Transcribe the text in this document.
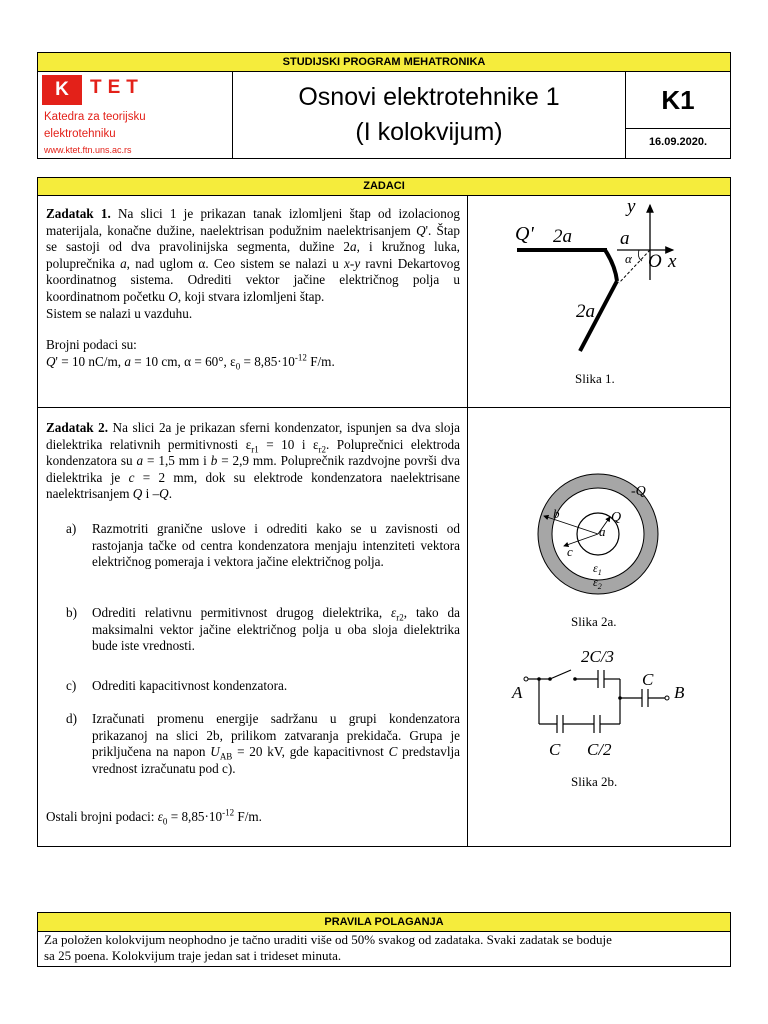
STUDIJSKI PROGRAM MEHATRONIKA
K	TET
Katedra za teorijsku
elektrotehniku
www.ktet.ftn.uns.ac.rs
Osnovi elektrotehnike 1
(I kolokvijum)
K1
16.09.2020.
ZADACI

Zadatak 1. Na slici 1 je prikazan tanak izlomljeni štap od izolacionog materijala, konačne dužine, naelektrisan podužnim naelektrisanjem Q'. Štap se sastoji od dva pravolinijska segmenta, dužine 2a, i kružnog luka, poluprečnika a, nad uglom α. Ceo sistem se nalazi u x-y ravni Dekartovog koordinatnog sistema. Odrediti vektor jačine električnog polja u koordinatnom početku O, koji stvara izlomljeni štap.

Sistem se nalazi u vazduhu.

Brojni podaci su:

Q' = 10 nC/m, a = 10 cm, α = 60°, $\varepsilon_0 = 8,85\cdot 10^{-12}$ F/m.

Q' 2a	a
α O x
y
2a
Slika 1.

Zadatak 2. Na slici 2a je prikazan sferni kondenzator, ispunjen sa dva sloja dielektrika relativnih permitivnosti $\varepsilon_{r1} = 10$ i $\varepsilon_{r2}$. Poluprečnici elektroda kondenzatora su a = 1,5 mm i b = 2,9 mm. Poluprečnik razdvojne površi dva dielektrika je c = 2 mm, dok su elektrode kondenzatora naelektrisane naelektrisanjem Q i –Q.

a) Razmotriti granične uslove i odrediti kako se u zavisnosti od rastojanja tačke od centra kondenzatora menjaju intenziteti vektora električnog pomeraja i vektora jačine električnog polja.
b) Odrediti relativnu permitivnost drugog dielektrika, $\varepsilon_{r2}$, tako da maksimalni vektor jačine električnog polja u oba sloja dielektrika bude iste vrednosti.
c) Odrediti kapacitivnost kondenzatora.
d) Izračunati promenu energije sadržanu u grupi kondenzatora prikazanoj na slici 2b, prilikom zatvaranja prekidača. Grupa je priključena na napon $U_{AB} = 20$ kV, gde kapacitivnost C predstavlja vrednost izračunatu pod c).

Ostali brojni podaci: $\varepsilon_0 = 8,85\cdot 10^{-12}$ F/m.

-Q
b	Q
a
c
$\varepsilon_1$
$\varepsilon_2$
2C/3
C
A	B
C C/2
Slika 2a.
Slika 2b.
PRAVILA POLAGANJA
Za položen kolokvijum neophodno je tačno uraditi više od 50% svakog od zadataka. Svaki zadatak se boduje
sa 25 poena. Kolokvijum traje jedan sat i trideset minuta.
